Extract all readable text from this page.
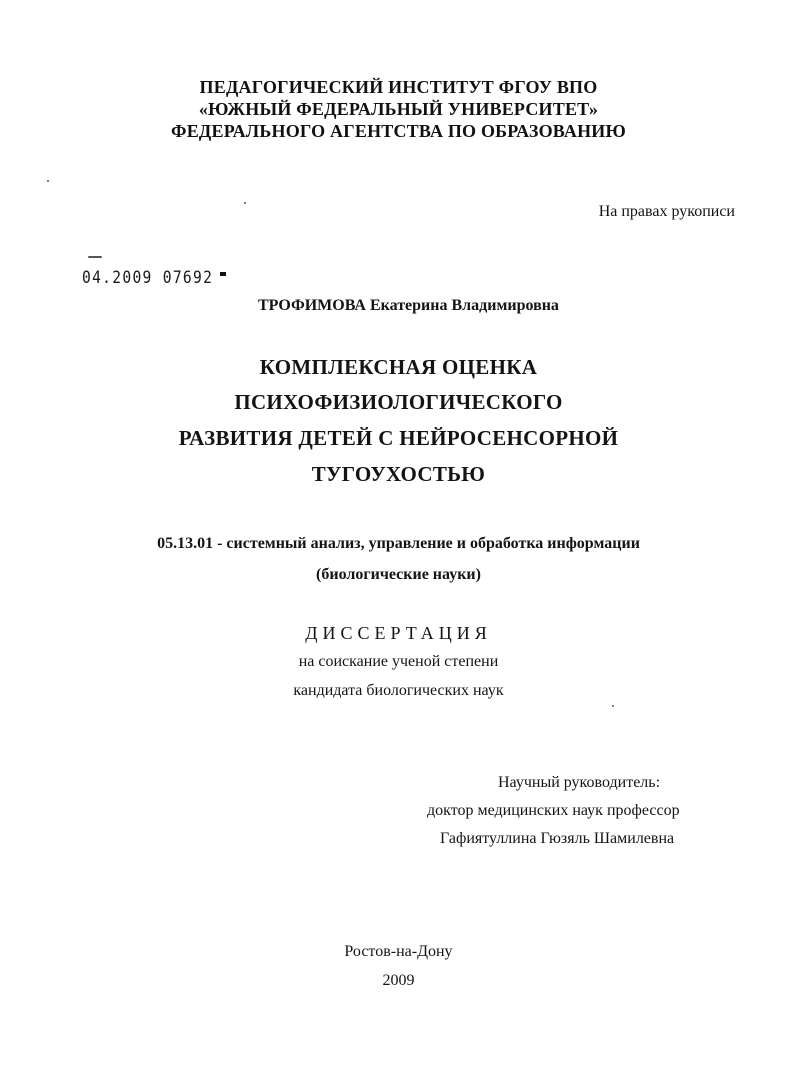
ПЕДАГОГИЧЕСКИЙ ИНСТИТУТ ФГОУ ВПО
«ЮЖНЫЙ ФЕДЕРАЛЬНЫЙ УНИВЕРСИТЕТ»
ФЕДЕРАЛЬНОГО АГЕНТСТВА ПО ОБРАЗОВАНИЮ
На правах рукописи
04.2009 07692
ТРОФИМОВА Екатерина Владимировна
КОМПЛЕКСНАЯ ОЦЕНКА
ПСИХОФИЗИОЛОГИЧЕСКОГО
РАЗВИТИЯ ДЕТЕЙ С НЕЙРОСЕНСОРНОЙ
ТУГОУХОСТЬЮ
05.13.01 - системный анализ, управление и обработка информации
(биологические науки)
ДИССЕРТАЦИЯ
на соискание ученой степени
кандидата биологических наук
Научный руководитель:
доктор медицинских наук профессор
Гафиятуллина Гюзяль Шамилевна
Ростов-на-Дону
2009
